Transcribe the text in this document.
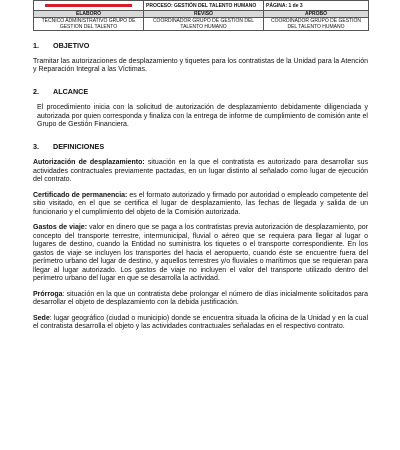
	PROCESO: GESTIÓN DEL TALENTO HUMANO	PÁGINA: 1 de 3
ELABORÓ	REVISÓ	APROBÓ
TECNICO ADMINISTRATIVO GRUPO DE GESTION DEL TALENTO	COORDINADOR GRUPO DE GESTION DEL TALENTO HUMANO	COORDINADOR GRUPO DE GESTIÓN DEL TALENTO HUMANO
1. OBJETIVO

Tramitar las autorizaciones de desplazamiento y tiquetes para los contratistas de la Unidad para la Atención y Reparación Integral a las Víctimas.

2. ALCANCE

El procedimiento inicia con la solicitud de autorización de desplazamiento debidamente diligenciada y autorizada por quien corresponda y finaliza con la entrega de informe de cumplimiento de comisión ante el Grupo de Gestión Financiera.

3. DEFINICIONES

Autorización de desplazamiento: situación en la que el contratista es autorizado para desarrollar sus actividades contractuales previamente pactadas, en un lugar distinto al señalado como lugar de ejecución del contrato.

Certificado de permanencia: es el formato autorizado y firmado por autoridad o empleado competente del sitio visitado, en el que se certifica el lugar de desplazamiento, las fechas de llegada y salida de un funcionario y el cumplimiento del objeto de la Comisión autorizada.

Gastos de viaje: valor en dinero que se paga a los contratistas previa autorización de desplazamiento, por concepto del transporte terrestre, intermunicipal, fluvial o aéreo que se requiera para llegar al lugar o lugares de destino, cuando la Entidad no suministra los tiquetes o el transporte correspondiente. En los gastos de viaje se incluyen los transportes del hacia el aeropuerto, cuando éste se encuentre fuera del perímetro urbano del lugar de destino, y aquellos terrestres y/o fluviales o marítimos que se requieran para llegar al lugar autorizado. Los gastos de viaje no incluyen el valor del transporte utilizado dentro del perímetro urbano del lugar en que se desarrolla la actividad.

Prórroga: situación en la que un contratista debe prolongar el número de días inicialmente solicitados para desarrollar el objeto de desplazamiento con la debida justificación.

Sede: lugar geográfico (ciudad o municipio) donde se encuentra situada la oficina de la Unidad y en la cual el contratista desarrolla el objeto y las actividades contractuales señaladas en el respectivo contrato.
